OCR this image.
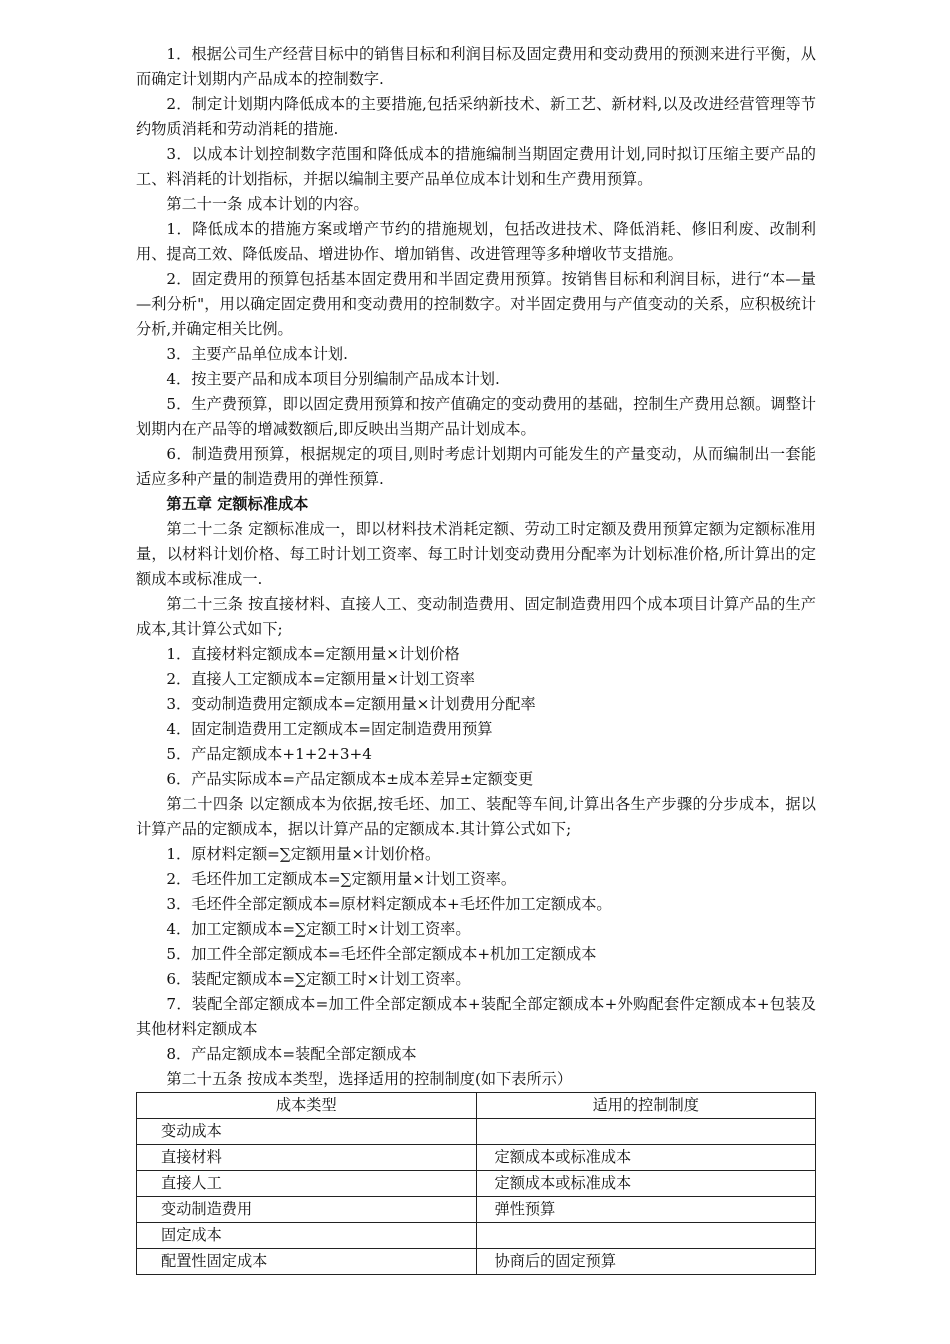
1．根据公司生产经营目标中的销售目标和利润目标及固定费用和变动费用的预测来进行平衡，从而确定计划期内产品成本的控制数字.

2．制定计划期内降低成本的主要措施,包括采纳新技术、新工艺、新材料,以及改进经营管理等节约物质消耗和劳动消耗的措施.

3．以成本计划控制数字范围和降低成本的措施编制当期固定费用计划,同时拟订压缩主要产品的工、料消耗的计划指标，并据以编制主要产品单位成本计划和生产费用预算。

第二十一条 成本计划的内容。

1．降低成本的措施方案或增产节约的措施规划，包括改进技术、降低消耗、修旧利废、改制利用、提高工效、降低废品、增进协作、增加销售、改进管理等多种增收节支措施。

2．固定费用的预算包括基本固定费用和半固定费用预算。按销售目标和利润目标，进行“本—量—利分析"，用以确定固定费用和变动费用的控制数字。对半固定费用与产值变动的关系，应积极统计分析,并确定相关比例。

3．主要产品单位成本计划.

4．按主要产品和成本项目分别编制产品成本计划.

5．生产费预算，即以固定费用预算和按产值确定的变动费用的基础，控制生产费用总额。调整计划期内在产品等的增减数额后,即反映出当期产品计划成本。

6．制造费用预算，根据规定的项目,则时考虑计划期内可能发生的产量变动，从而编制出一套能适应多种产量的制造费用的弹性预算.

第五章 定额标准成本

第二十二条 定额标准成一，即以材料技术消耗定额、劳动工时定额及费用预算定额为定额标准用量，以材料计划价格、每工时计划工资率、每工时计划变动费用分配率为计划标准价格,所计算出的定额成本或标准成一.

第二十三条 按直接材料、直接人工、变动制造费用、固定制造费用四个成本项目计算产品的生产成本,其计算公式如下;

1．直接材料定额成本=定额用量×计划价格

2．直接人工定额成本=定额用量×计划工资率

3．变动制造费用定额成本=定额用量×计划费用分配率

4．固定制造费用工定额成本=固定制造费用预算

5．产品定额成本+1+2+3+4

6．产品实际成本=产品定额成本±成本差异±定额变更

第二十四条 以定额成本为依据,按毛坯、加工、装配等车间,计算出各生产步骤的分步成本，据以计算产品的定额成本，据以计算产品的定额成本.其计算公式如下;

1．原材料定额=∑定额用量×计划价格。

2．毛坯件加工定额成本=∑定额用量×计划工资率。

3．毛坯件全部定额成本=原材料定额成本+毛坯件加工定额成本。

4．加工定额成本=∑定额工时×计划工资率。

5．加工件全部定额成本=毛坯件全部定额成本+机加工定额成本

6．装配定额成本=∑定额工时×计划工资率。

7．装配全部定额成本=加工件全部定额成本+装配全部定额成本+外购配套件定额成本+包装及其他材料定额成本

8．产品定额成本=装配全部定额成本

第二十五条 按成本类型，选择适用的控制制度(如下表所示）

成本类型	适用的控制制度
变动成本	
直接材料	定额成本或标准成本
直接人工	定额成本或标准成本
变动制造费用	弹性预算
固定成本	
配置性固定成本	协商后的固定预算
